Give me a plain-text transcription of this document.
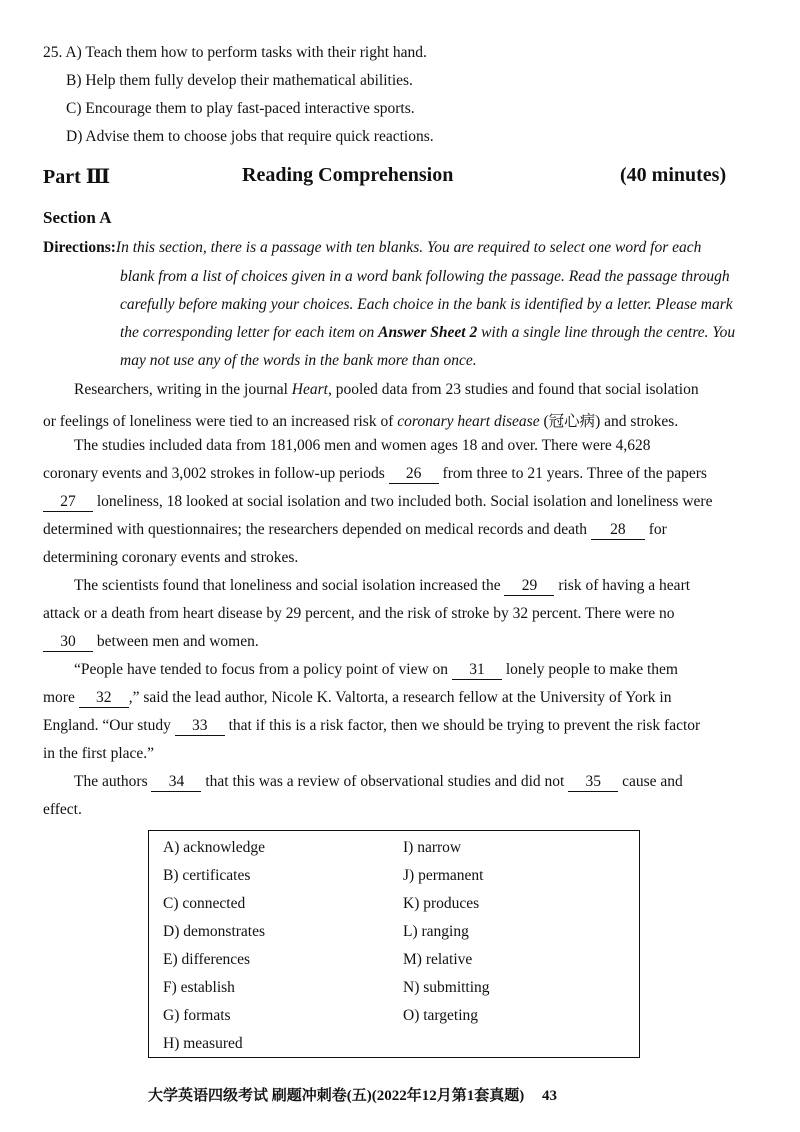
25. A) Teach them how to perform tasks with their right hand.
B) Help them fully develop their mathematical abilities.
C) Encourage them to play fast-paced interactive sports.
D) Advise them to choose jobs that require quick reactions.
Part Ⅲ	Reading Comprehension	(40 minutes)
Section A
Directions:In this section, there is a passage with ten blanks. You are required to select one word for each
blank from a list of choices given in a word bank following the passage. Read the passage through
carefully before making your choices. Each choice in the bank is identified by a letter. Please mark
the corresponding letter for each item on Answer Sheet 2 with a single line through the centre. You
may not use any of the words in the bank more than once.
Researchers, writing in the journal Heart, pooled data from 23 studies and found that social isolation
or feelings of loneliness were tied to an increased risk of coronary heart disease (冠心病) and strokes.
The studies included data from 181,006 men and women ages 18 and over. There were 4,628
coronary events and 3,002 strokes in follow-up periods 26 from three to 21 years. Three of the papers
27 loneliness, 18 looked at social isolation and two included both. Social isolation and loneliness were
determined with questionnaires; the researchers depended on medical records and death 28 for
determining coronary events and strokes.
The scientists found that loneliness and social isolation increased the 29 risk of having a heart
attack or a death from heart disease by 29 percent, and the risk of stroke by 32 percent. There were no
30 between men and women.
“People have tended to focus from a policy point of view on 31 lonely people to make them
more 32 ,” said the lead author, Nicole K. Valtorta, a research fellow at the University of York in
England. “Our study 33 that if this is a risk factor, then we should be trying to prevent the risk factor
in the first place.”
The authors 34 that this was a review of observational studies and did not 35 cause and
effect.
A) acknowledge
B) certificates
C) connected
D) demonstrates
E) differences
F) establish
G) formats
H) measured
I) narrow
J) permanent
K) produces
L) ranging
M) relative
N) submitting
O) targeting
大学英语四级考试 刷题冲刺卷(五)(2022年12月第1套真题) 43
